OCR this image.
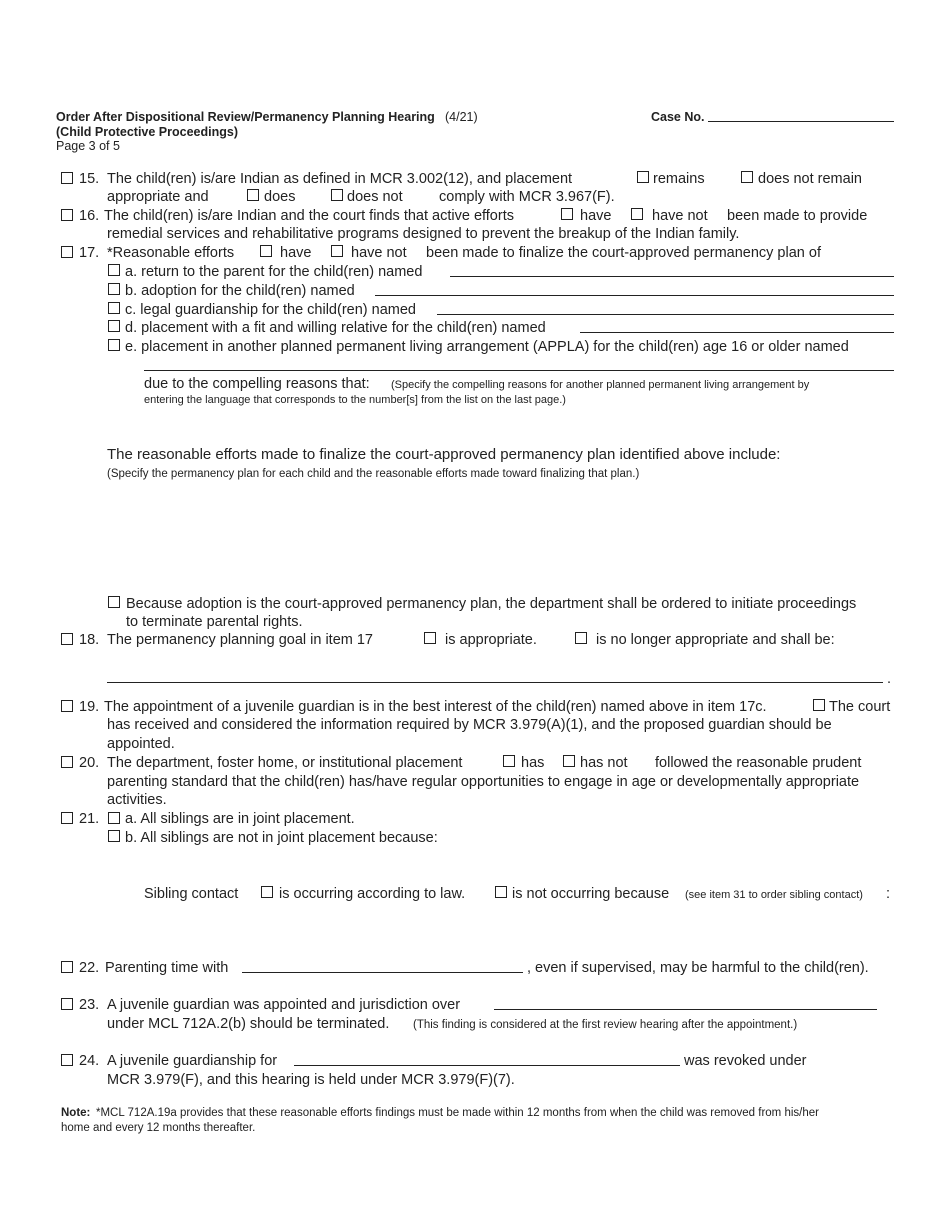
Order After Dispositional Review/Permanency Planning Hearing (4/21)
(Child Protective Proceedings)
Page 3 of 5
Case No.
15. The child(ren) is/are Indian as defined in MCR 3.002(12), and placement	remains	does not remain
appropriate and	does	does not	comply with MCR 3.967(F).
16. The child(ren) is/are Indian and the court finds that active efforts	have	have not been made to provide
remedial services and rehabilitative programs designed to prevent the breakup of the Indian family.
17. *Reasonable efforts	have	have not been made to finalize the court-approved permanency plan of
a. return to the parent for the child(ren) named
b. adoption for the child(ren) named
c. legal guardianship for the child(ren) named
d. placement with a fit and willing relative for the child(ren) named
e. placement in another planned permanent living arrangement (APPLA) for the child(ren) age 16 or older named
due to the compelling reasons that: (Specify the compelling reasons for another planned permanent living arrangement by
entering the language that corresponds to the number[s] from the list on the last page.)
The reasonable efforts made to finalize the court-approved permanency plan identified above include:
(Specify the permanency plan for each child and the reasonable efforts made toward finalizing that plan.)
Because adoption is the court-approved permanency plan, the department shall be ordered to initiate proceedings
to terminate parental rights.
18. The permanency planning goal in item 17	is appropriate.	is no longer appropriate and shall be:
.
19. The appointment of a juvenile guardian is in the best interest of the child(ren) named above in item 17c.	The court
has received and considered the information required by MCR 3.979(A)(1), and the proposed guardian should be
appointed.
20. The department, foster home, or institutional placement	has has not followed the reasonable prudent
parenting standard that the child(ren) has/have regular opportunities to engage in age or developmentally appropriate
activities.
21. a. All siblings are in joint placement.
b. All siblings are not in joint placement because:
Sibling contact	is occurring according to law.	is not occurring because (see item 31 to order sibling contact) :
22. Parenting time with	, even if supervised, may be harmful to the child(ren).
23. A juvenile guardian was appointed and jurisdiction over
under MCL 712A.2(b) should be terminated. (This finding is considered at the first review hearing after the appointment.)
24. A juvenile guardianship for	was revoked under
MCR 3.979(F), and this hearing is held under MCR 3.979(F)(7).
Note: *MCL 712A.19a provides that these reasonable efforts findings must be made within 12 months from when the child was removed from his/her
home and every 12 months thereafter.
